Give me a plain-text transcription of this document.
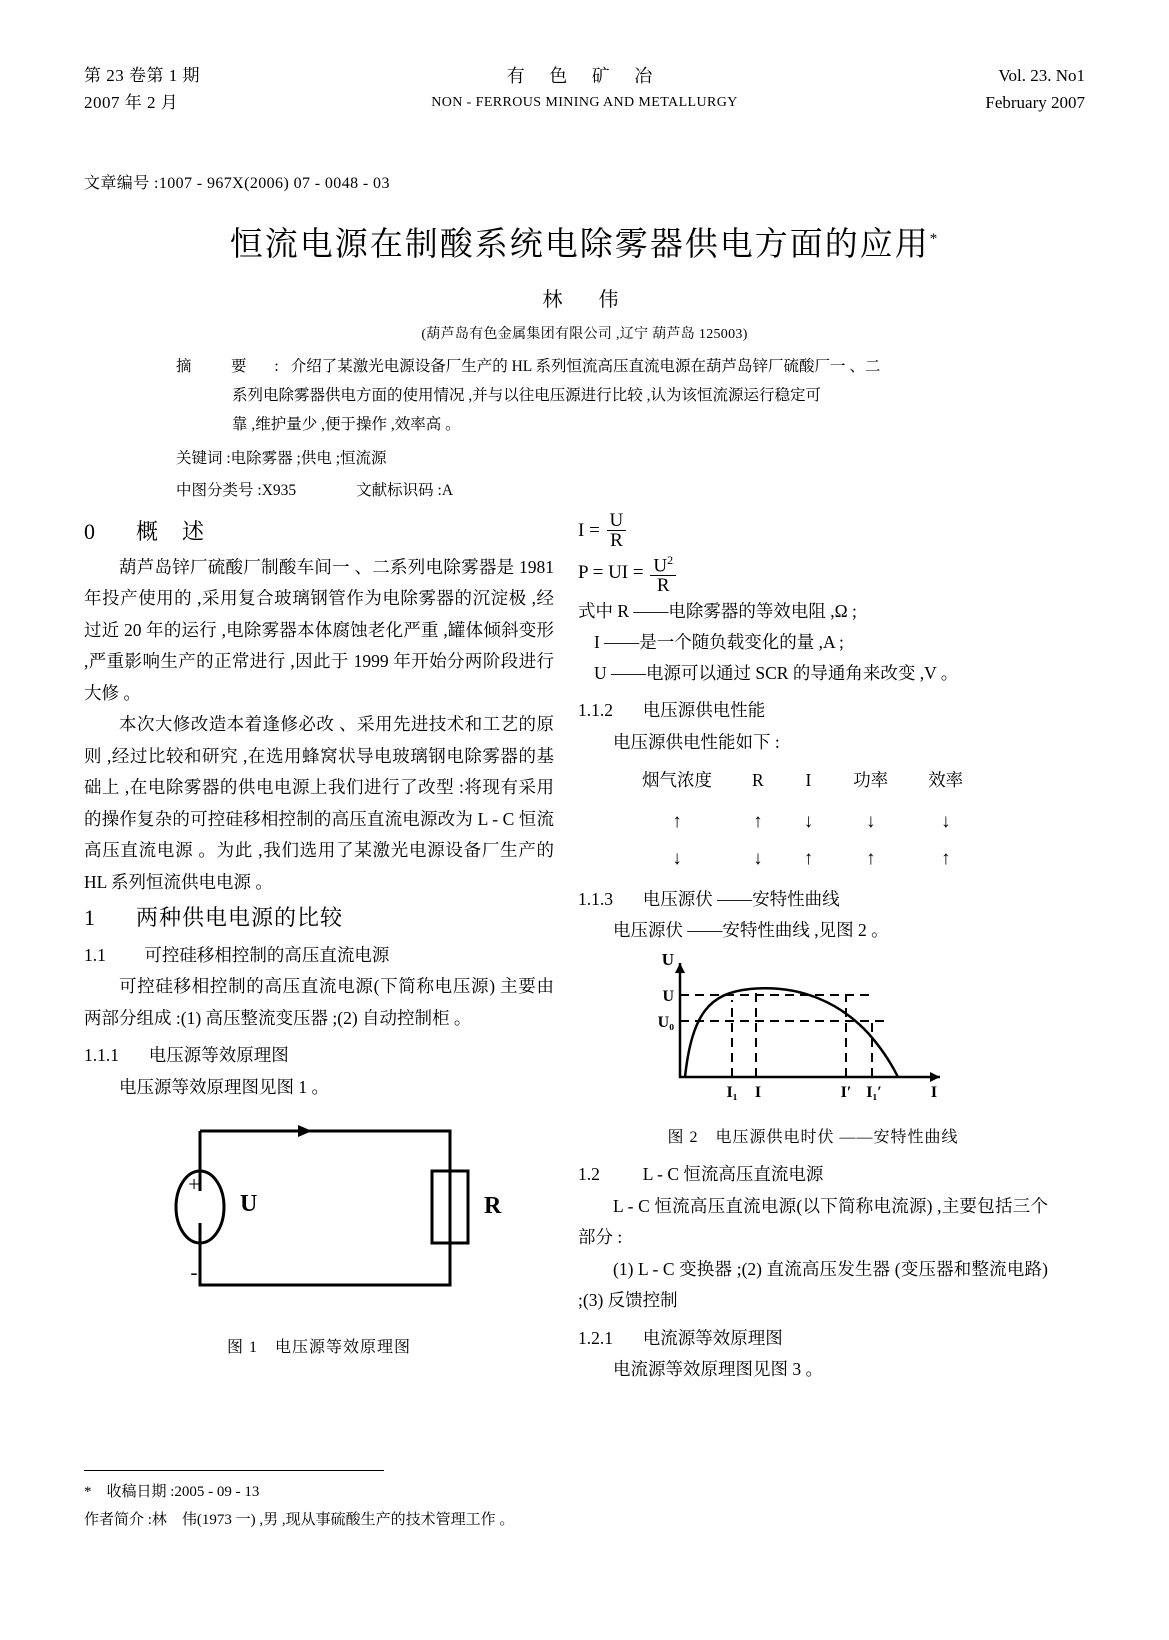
第 23 卷第 1 期
2007 年 2 月
有 色 矿 冶
NON - FERROUS MINING AND METALLURGY
Vol. 23. No1
February 2007
文章编号 :1007 - 967X(2006) 07 - 0048 - 03
恒流电源在制酸系统电除雾器供电方面的应用*
林　伟
(葫芦岛有色金属集团有限公司 ,辽宁 葫芦岛 125003)
摘　要 :介绍了某激光电源设备厂生产的 HL 系列恒流高压直流电源在葫芦岛锌厂硫酸厂一 、二
系列电除雾器供电方面的使用情况 ,并与以往电压源进行比较 ,认为该恒流源运行稳定可
靠 ,维护量少 ,便于操作 ,效率高 。
关键词 :电除雾器 ;供电 ;恒流源
中图分类号 :X935	文献标识码 :A
0 概　述

葫芦岛锌厂硫酸厂制酸车间一 、二系列电除雾器是 1981 年投产使用的 ,采用复合玻璃钢管作为电除雾器的沉淀极 ,经过近 20 年的运行 ,电除雾器本体腐蚀老化严重 ,罐体倾斜变形 ,严重影响生产的正常进行 ,因此于 1999 年开始分两阶段进行大修 。

本次大修改造本着逢修必改 、采用先进技术和工艺的原则 ,经过比较和研究 ,在选用蜂窝状导电玻璃钢电除雾器的基础上 ,在电除雾器的供电电源上我们进行了改型 :将现有采用的操作复杂的可控硅移相控制的高压直流电源改为 L - C 恒流高压直流电源 。为此 ,我们选用了某激光电源设备厂生产的 HL 系列恒流供电电源 。

1 两种供电电源的比较
1.1 可控硅移相控制的高压直流电源

可控硅移相控制的高压直流电源(下简称电压源) 主要由两部分组成 :(1) 高压整流变压器 ;(2) 自动控制柜 。

1.1.1 电压源等效原理图

电压源等效原理图见图 1 。

+
-
U	R
图 1　电压源等效原理图
$I = \frac{U}{R}$
P = UI = $\frac{U^2}{R}$
式中 R ——电除雾器的等效电阻 ,Ω ;
I ——是一个随负载变化的量 ,A ;
U ——电源可以通过 SCR 的导通角来改变 ,V 。
1.1.2 电压源供电性能

电压源供电性能如下 :

烟气浓度	R	I	功率	效率
↑	↑	↓	↓	↓
↓	↓	↑	↑	↑
1.1.3 电压源伏 ——安特性曲线

电压源伏 ——安特性曲线 ,见图 2 。

U
U
U₀
I₁ I	I′ I₁′	I
图 2　电压源供电时伏 ——安特性曲线
1.2 L - C 恒流高压直流电源

L - C 恒流高压直流电源(以下简称电流源) ,主要包括三个部分 :

(1) L - C 变换器 ;(2) 直流高压发生器 (变压器和整流电路) ;(3) 反馈控制

1.2.1 电流源等效原理图

电流源等效原理图见图 3 。

*　收稿日期 :2005 - 09 - 13
作者简介 :林　伟(1973 一) ,男 ,现从事硫酸生产的技术管理工作 。
